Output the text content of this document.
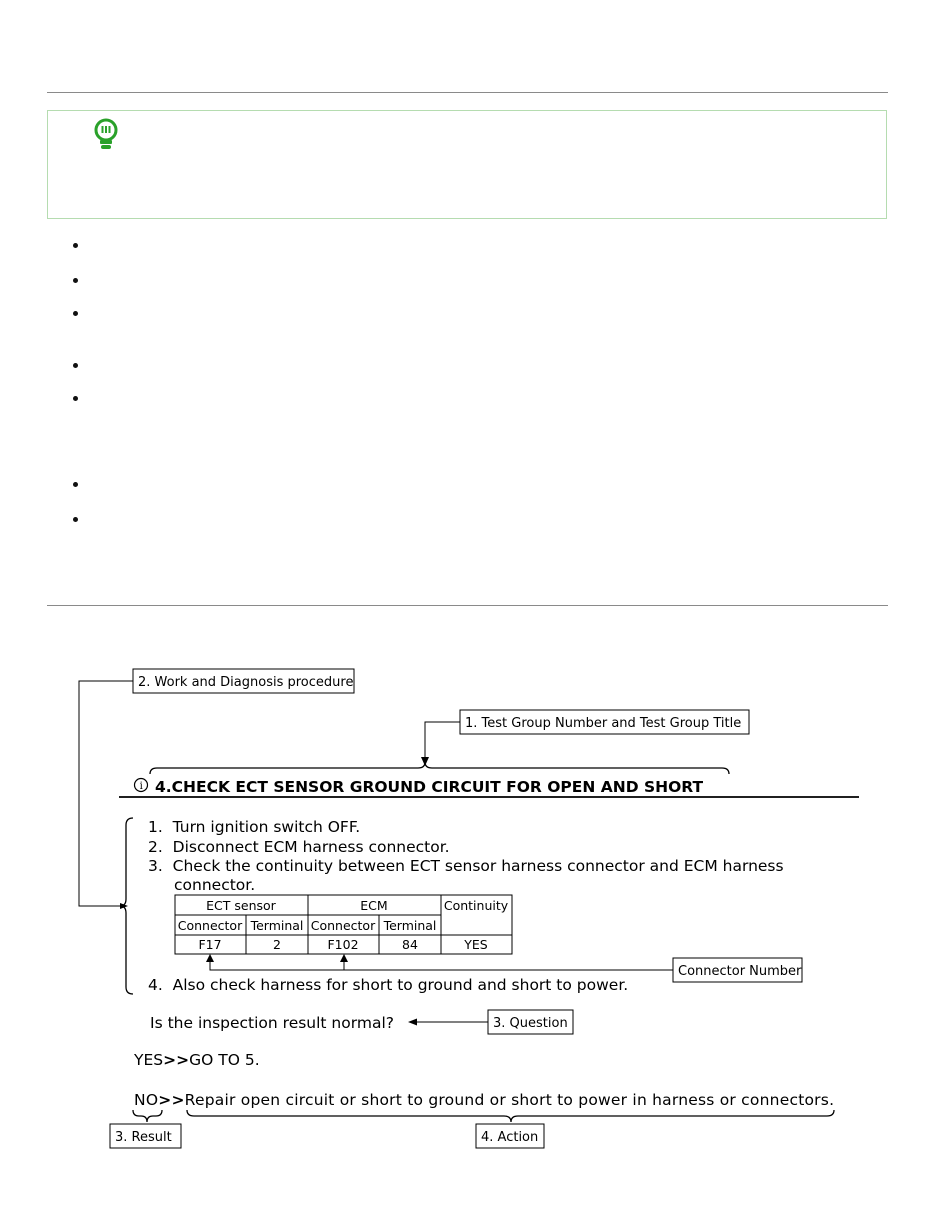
2. Work and Diagnosis procedure
1. Test Group Number and Test Group Title
i 4.CHECK ECT SENSOR GROUND CIRCUIT FOR OPEN AND SHORT
1.  Turn ignition switch OFF.
2.  Disconnect ECM harness connector.
3.  Check the continuity between ECT sensor harness connector and ECM harness
connector.
ECT sensor	ECM	Continuity
Connector Terminal Connector Terminal
F17	2	F102	84	YES
Connector Number
4.  Also check harness for short to ground and short to power.
Is the inspection result normal?	3. Question
YES>>GO TO 5.
NO>>Repair open circuit or short to ground or short to power in harness or connectors.
3. Result	4. Action
